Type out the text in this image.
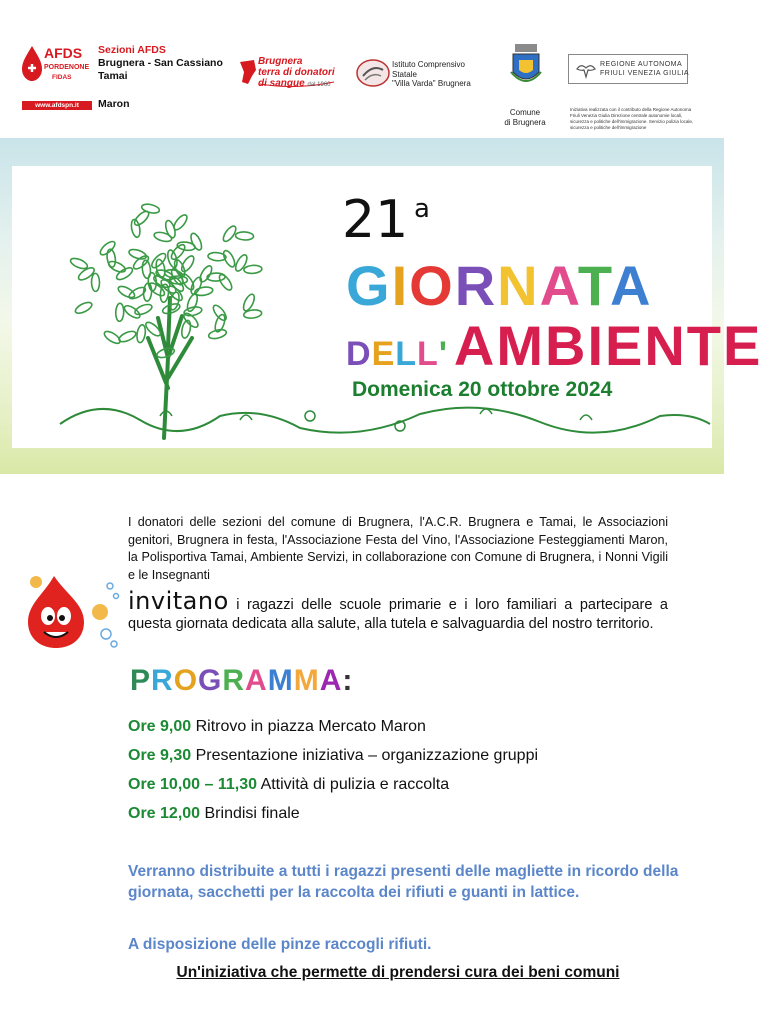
AFDS
PORDENONE
FIDAS
Sezioni AFDS
Brugnera - San Cassiano
Tamai
www.afdspn.it	Maron
Brugnera
terra di donatori
di sangue dal 1960
Istituto Comprensivo
Statale
"Villa Varda" Brugnera
Comune
di Brugnera
REGIONE AUTONOMA
FRIULI VENEZIA GIULIA
Iniziativa realizzata con il contributo della Regione Autonoma Friuli Venezia Giulia Direzione centrale autonomie locali, sicurezza e politiche dell'immigrazione. Servizio polizia locale, sicurezza e politiche dell'immigrazione
21 a
GIORNATA
DELL' AMBIENTE
Domenica 20 ottobre 2024
I donatori delle sezioni del comune di Brugnera, l'A.C.R. Brugnera e Tamai, le Associazioni genitori, Brugnera in festa, l'Associazione Festa del Vino, l'Associazione Festeggiamenti Maron, la Polisportiva Tamai, Ambiente Servizi, in collaborazione con Comune di Brugnera, i Nonni Vigili e le Insegnanti
invitano i ragazzi delle scuole primarie e i loro familiari a partecipare a questa giornata dedicata alla salute, alla tutela e salvaguardia del nostro territorio.
PROGRAMMA:
Ore 9,00 Ritrovo in piazza Mercato Maron
Ore 9,30 Presentazione iniziativa – organizzazione gruppi
Ore 10,00 – 11,30 Attività di pulizia e raccolta
Ore 12,00 Brindisi finale
Verranno distribuite a tutti i ragazzi presenti delle magliette in ricordo della giornata, sacchetti per la raccolta dei rifiuti e guanti in lattice.
A disposizione delle pinze raccogli rifiuti.
Un'iniziativa che permette di prendersi cura dei beni comuni
